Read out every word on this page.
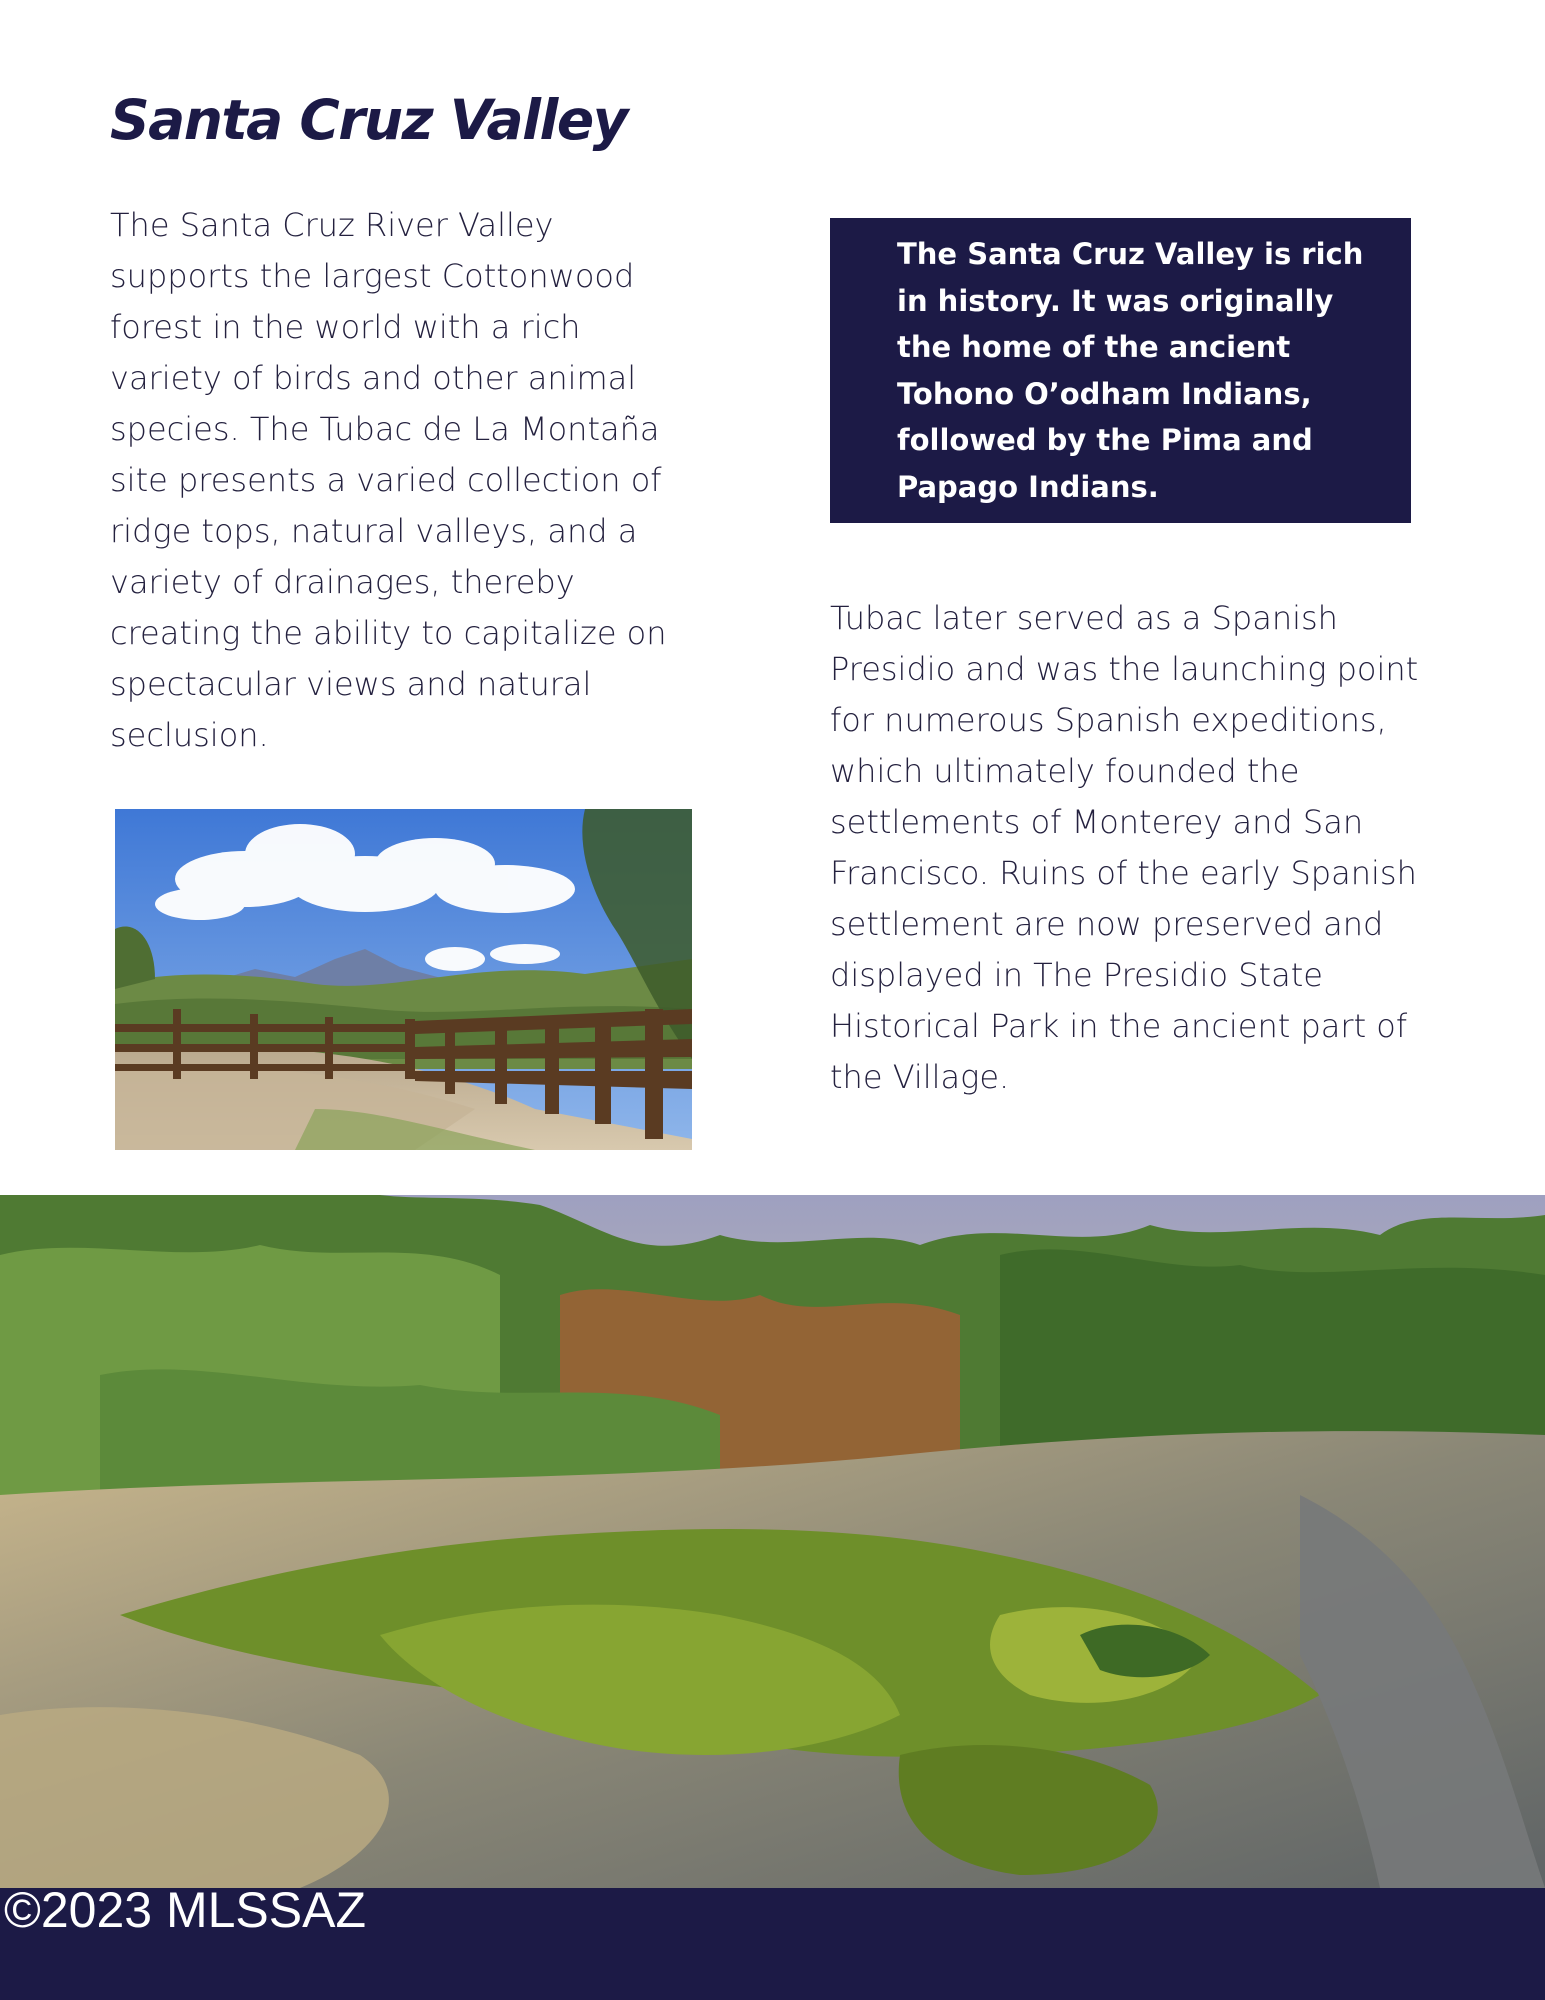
Santa Cruz Valley

The Santa Cruz River Valley supports the largest Cottonwood forest in the world with a rich variety of birds and other animal species. The Tubac de La Montaña site presents a varied collection of ridge tops, natural valleys, and a variety of drainages, thereby creating the ability to capitalize on spectacular views and natural seclusion.

The Santa Cruz Valley is rich in history. It was originally the home of the ancient Tohono O’odham Indians, followed by the Pima and Papago Indians.

Tubac later served as a Spanish Presidio and was the launching point for numerous Spanish expeditions, which ultimately founded the settlements of Monterey and San Francisco. Ruins of the early Spanish settlement are now preserved and displayed in The Presidio State Historical Park in the ancient part of the Village.

©2023 MLSSAZ
